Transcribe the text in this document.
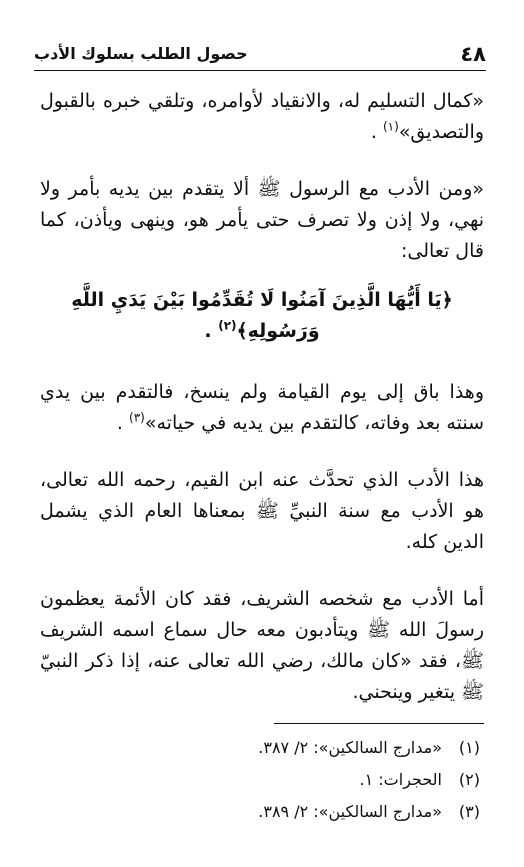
٤٨
حصول الطلب بسلوك الأدب

«كمال التسليم له، والانقياد لأوامره، وتلقي خبره بالقبول والتصديق»$^{(١)}$ .

«ومن الأدب مع الرسول ﷺ ألا يتقدم بين يديه بأمر ولا نهي، ولا إذن ولا تصرف حتى يأمر هو، وينهى ويأذن، كما قال تعالى:

﴿يَا أَيُّهَا الَّذِينَ آمَنُوا لَا تُقَدِّمُوا بَيْنَ يَدَيِ اللَّهِ وَرَسُولِهِ﴾$^{(٢)}$ .

وهذا باق إلى يوم القيامة ولم ينسخ، فالتقدم بين يدي سنته بعد وفاته، كالتقدم بين يديه في حياته»$^{(٣)}$ .

هذا الأدب الذي تحدَّث عنه ابن القيم، رحمه الله تعالى، هو الأدب مع سنة النبيِّ ﷺ بمعناها العام الذي يشمل الدين كله.

أما الأدب مع شخصه الشريف، فقد كان الأئمة يعظمون رسولَ الله ﷺ ويتأدبون معه حال سماع اسمه الشريف ﷺ، فقد «كان مالك، رضي الله تعالى عنه، إذا ذكر النبيّ ﷺ يتغير وينحني.

(١)
«مدارج السالكين»: ٢/ ٣٨٧.
(٢)
الحجرات: ١.
(٣)
«مدارج السالكين»: ٢/ ٣٨٩.
